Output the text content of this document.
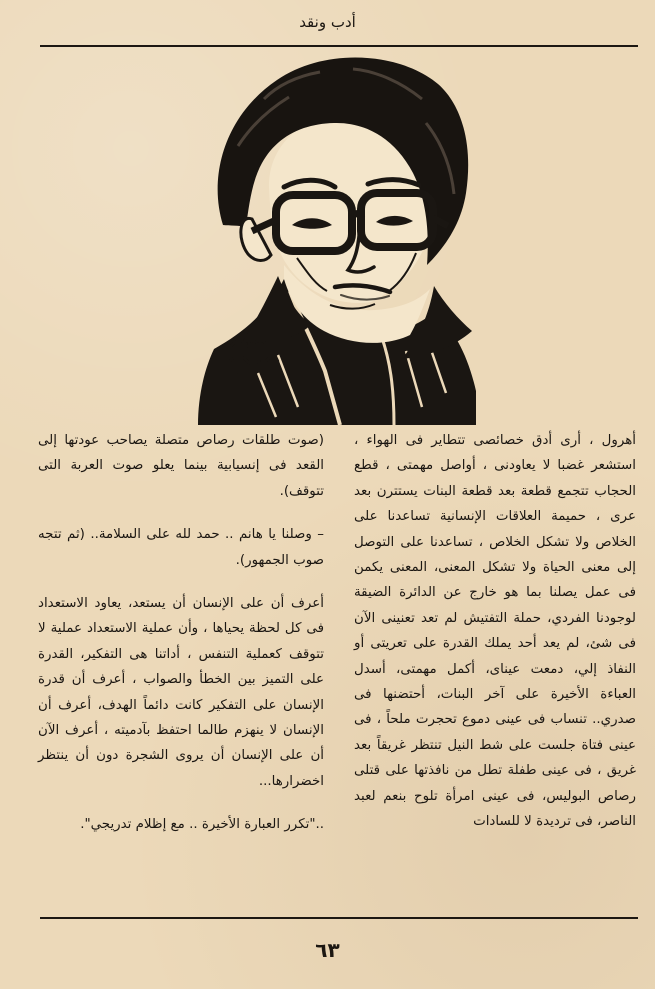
أدب ونقد

أهرول ، أرى أدق خصائصى تتطاير فى الهواء ، استشعر غضبا لا يعاودنى ، أواصل مهمتى ، قطع الحجاب تتجمع قطعة بعد قطعة البنات يستترن بعد عرى ، حميمة العلاقات الإنسانية تساعدنا على الخلاص ولا تشكل الخلاص ، تساعدنا على التوصل إلى معنى الحياة ولا تشكل المعنى، المعنى يكمن فى عمل يصلنا بما هو خارج عن الدائرة الضيقة لوجودنا الفردي، حملة التفتيش لم تعد تعنينى الآن فى شئ، لم يعد أحد يملك القدرة على تعريتى أو النفاذ إلي، دمعت عيناى، أكمل مهمتى، أسدل العباءة الأخيرة على آخر البنات، أحتضنها فى صدري.. تنساب فى عينى دموع تحجرت ملحاً ، فى عينى فتاة جلست على شط النيل تنتظر غريقاً بعد غريق ، فى عينى طفلة تطل من نافذتها على قتلى رصاص البوليس، فى عينى امرأة تلوح بنعم لعبد الناصر، فى ترديدة لا للسادات

(صوت طلقات رصاص متصلة يصاحب عودتها إلى القعد فى إنسيابية بينما يعلو صوت العربة التى تتوقف).

– وصلنا يا هانم .. حمد لله على السلامة.. (ثم تتجه صوب الجمهور).

أعرف أن على الإنسان أن يستعد، يعاود الاستعداد فى كل لحظة يحياها ، وأن عملية الاستعداد عملية لا تتوقف كعملية التنفس ، أداتنا هى التفكير، القدرة على التميز بين الخطأ والصواب ، أعرف أن قدرة الإنسان على التفكير كانت دائماً الهدف، أعرف أن الإنسان لا ينهزم طالما احتفظ بآدميته ، أعرف الآن أن على الإنسان أن يروى الشجرة دون أن ينتظر اخضرارها...

.."تكرر العبارة الأخيرة .. مع إظلام تدريجي".

٦٣
